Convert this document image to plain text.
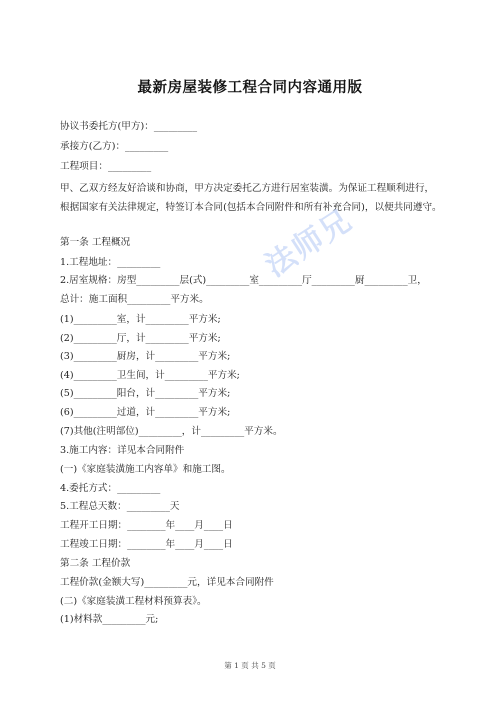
最新房屋装修工程合同内容通用版
协议书委托方(甲方)：_________
承接方(乙方)：_________
工程项目：_________
甲、乙双方经友好洽谈和协商，甲方决定委托乙方进行居室装潢。为保证工程顺利进行，根据国家有关法律规定，特签订本合同(包括本合同附件和所有补充合同)，以便共同遵守。
第一条 工程概况
1.工程地址：_________
2.居室规格：房型_________层(式)_________室_________厅_________厨_________卫，
总计：施工面积_________平方米。
(1)_________室，计_________平方米;
(2)_________厅，计_________平方米;
(3)_________厨房，计_________平方米;
(4)_________卫生间，计_________平方米;
(5)_________阳台，计_________平方米;
(6)_________过道，计_________平方米;
(7)其他(注明部位)_________，计_________平方米。
3.施工内容：详见本合同附件
(一)《家庭装潢施工内容单》和施工图。
4.委托方式：_________
5.工程总天数：_________天
工程开工日期：________年____月____日
工程竣工日期：________年____月____日
第二条 工程价款
工程价款(金额大写)_________元，详见本合同附件
(二)《家庭装潢工程材料预算表》。
(1)材料款_________元;
法师兄
第 1 页 共 5 页
